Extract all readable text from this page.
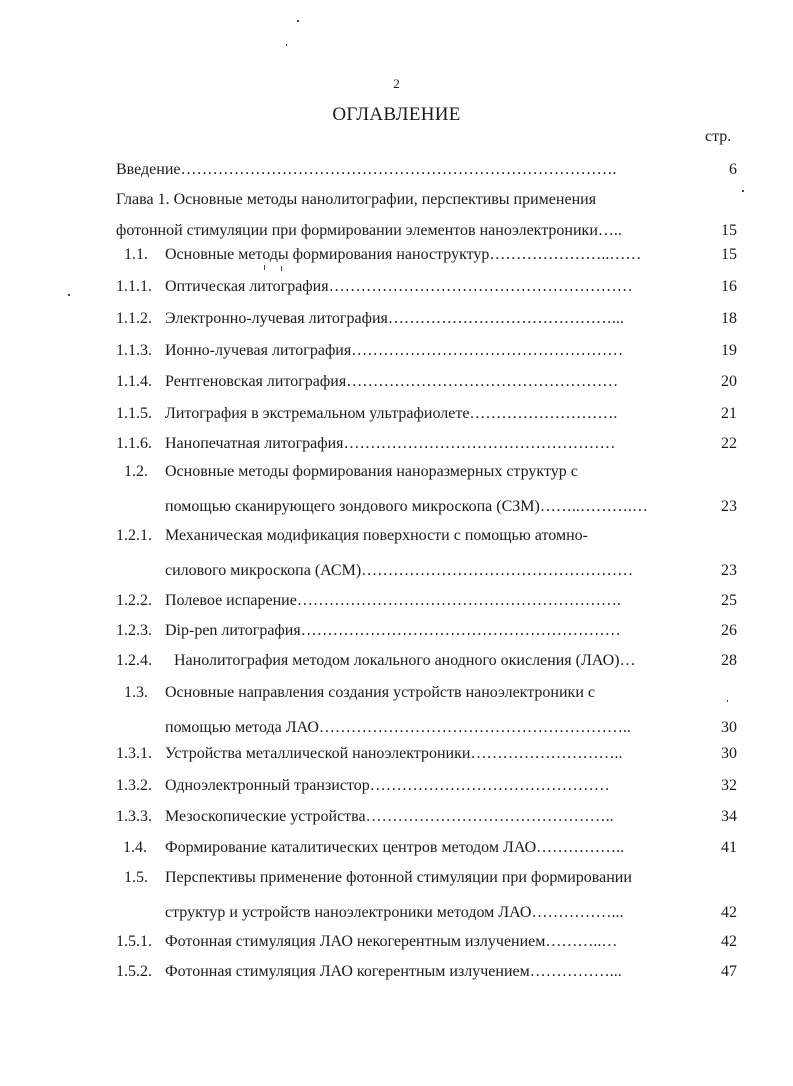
2
ОГЛАВЛЕНИЕ
стр.
Введение……………………………………………………………………….	6
Глава 1. Основные методы нанолитографии, перспективы применения
фотонной стимуляции при формировании элементов наноэлектроники…..	15
1.1. Основные методы формирования наноструктур…………………..……	15
1.1.1. Оптическая литография…………………………………………………	16
1.1.2. Электронно-лучевая литография……………………………………...	18
1.1.3. Ионно-лучевая литография……………………………………………	19
1.1.4. Рентгеновская литография……………………………………………	20
1.1.5. Литография в экстремальном ультрафиолете……………………….	21
1.1.6. Нанопечатная литография……………………………………………	22
1.2. Основные методы формирования наноразмерных структур с
помощью сканирующего зондового микроскопа (СЗМ)……..……….…	23
1.2.1. Механическая модификация поверхности с помощью атомно-
силового микроскопа (АСМ)……………………………………………	23
1.2.2. Полевое испарение…………………………………………………….	25
1.2.3. Dip-pen литография……………………………………………………	26
1.2.4. Нанолитография методом локального анодного окисления (ЛАО)…	28
1.3. Основные направления создания устройств наноэлектроники с
помощью метода ЛАО…………………………………………………..	30
1.3.1. Устройства металлической наноэлектроники………………………..	30
1.3.2. Одноэлектронный транзистор………………………………………	32
1.3.3. Мезоскопические устройства………………………………………..	34
1.4. Формирование каталитических центров методом ЛАО……………..	41
1.5. Перспективы применение фотонной стимуляции при формировании
структур и устройств наноэлектроники методом ЛАО……………...	42
1.5.1. Фотонная стимуляция ЛАО некогерентным излучением………..…	42
1.5.2. Фотонная стимуляция ЛАО когерентным излучением……………...	47
